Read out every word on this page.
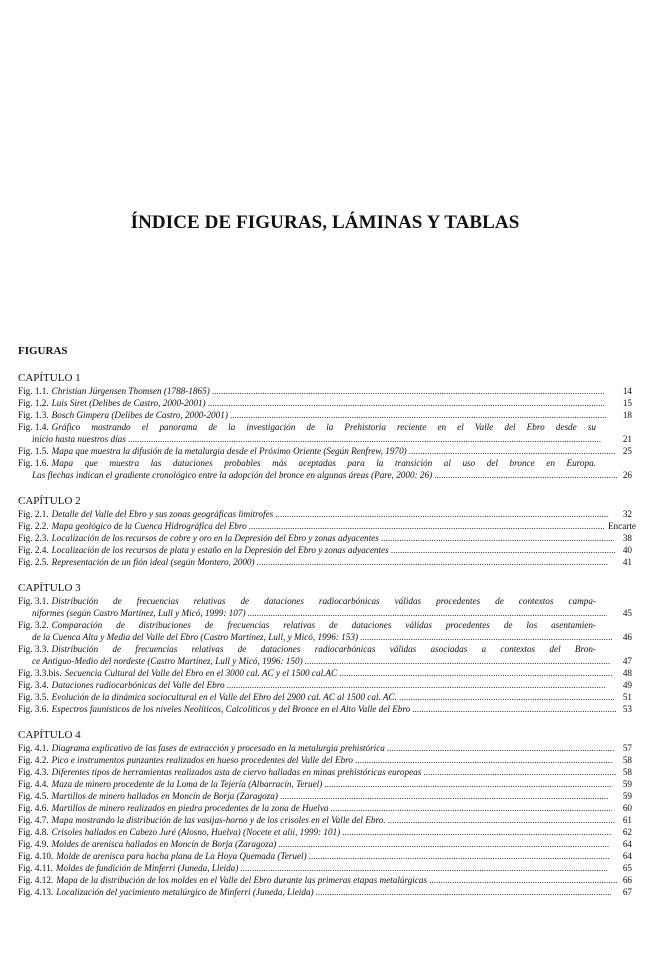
ÍNDICE DE FIGURAS, LÁMINAS Y TABLAS
FIGURAS
CAPÍTULO 1
Fig. 1.1. Christian Jürgensen Thomsen (1788-1865) .....	14
Fig. 1.2. Luis Siret (Delibes de Castro, 2000-2001) .....	15
Fig. 1.3. Bosch Gimpera (Delibes de Castro, 2000-2001) .....	18
Fig. 1.4. Gráfico mostrando el panorama de la investigación de la Prehistoria reciente en el Valle del Ebro desde su
inicio hasta nuestros días .....	21
Fig. 1.5. Mapa que muestra la difusión de la metalurgia desde el Próximo Oriente (Según Renfrew, 1970) .....	25
Fig. 1.6. Mapa que muestra las dataciones probables más aceptadas para la transición al uso del bronce en Europa.
Las flechas indican el gradiente cronológico entre la adopción del bronce en algunas áreas (Pare, 2000: 26) .....	26
CAPÍTULO 2
Fig. 2.1. Detalle del Valle del Ebro y sus zonas geográficas limítrofes .....	32
Fig. 2.2. Mapa geológico de la Cuenca Hidrográfica del Ebro .....	Encarte
Fig. 2.3. Localización de los recursos de cobre y oro en la Depresión del Ebro y zonas adyacentes .....	38
Fig. 2.4. Localización de los recursos de plata y estaño en la Depresión del Ebro y zonas adyacentes .....	40
Fig. 2.5. Representación de un fión ideal (según Montero, 2000) .....	41
CAPÍTULO 3
Fig. 3.1. Distribución de frecuencias relativas de dataciones radiocarbónicas válidas procedentes de contextos campa-
niformes (según Castro Martínez, Lull y Micó, 1999: 107) .....	45
Fig. 3.2. Comparación de distribuciones de frecuencias relativas de dataciones válidas procedentes de los asentamien-
de la Cuenca Alta y Media del Valle del Ebro (Castro Martínez, Lull, y Micó, 1996: 153) .....	46
Fig. 3.3. Distribución de frecuencias relativas de dataciones radiocarbónicas válidas asociadas a contextos del Bron-
ce Antiguo-Medio del nordeste (Castro Martínez, Lull y Micó, 1996: 150) .....	47
Fig. 3.3.bis. Secuencia Cultural del Valle del Ebro en el 3000 cal. AC y el 1500 cal.AC .....	48
Fig. 3.4. Dataciones radiocarbónicas del Valle del Ebro .....	49
Fig. 3.5. Evolución de la dinámica sociocultural en el Valle del Ebro del 2900 cal. AC al 1500 cal. AC. .....	51
Fig. 3.6. Espectros faunísticos de los niveles Neolíticos, Calcolíticos y del Bronce en el Alto Valle del Ebro .....	53
CAPÍTULO 4
Fig. 4.1. Diagrama explicativo de las fases de extracción y procesado en la metalurgia prehistórica .....	57
Fig. 4.2. Pico e instrumentos punzantes realizados en hueso procedentes del Valle del Ebro .....	58
Fig. 4.3. Diferentes tipos de herramientas realizados asta de ciervo halladas en minas prehistóricas europeas .....	58
Fig. 4.4. Maza de minero procedente de la Loma de la Tejería (Albarracín, Teruel) .....	59
Fig. 4.5. Martillos de minero hallados en Moncín de Borja (Zaragoza) .....	59
Fig. 4.6. Martillos de minero realizados en piedra procedentes de la zona de Huelva .....	60
Fig. 4.7. Mapa mostrando la distribución de las vasijas-horno y de los crisoles en el Valle del Ebro. .....	61
Fig. 4.8. Crisoles hallados en Cabezo Juré (Alosno, Huelva) (Nocete et alii, 1999: 101) .....	62
Fig. 4.9. Moldes de arenisca hallados en Moncín de Borja (Zaragoza) .....	64
Fig. 4.10. Molde de arenisca para hacha plana de La Hoya Quemada (Teruel) .....	64
Fig. 4.11. Moldes de fundición de Minferri (Juneda, Lleida) .....	65
Fig. 4.12. Mapa de la distribución de los moldes en el Valle del Ebro durante las primeras etapas metalúrgicas .....	66
Fig. 4.13. Localización del yacimiento metalúrgico de Minferri (Juneda, Lleida) .....	67
